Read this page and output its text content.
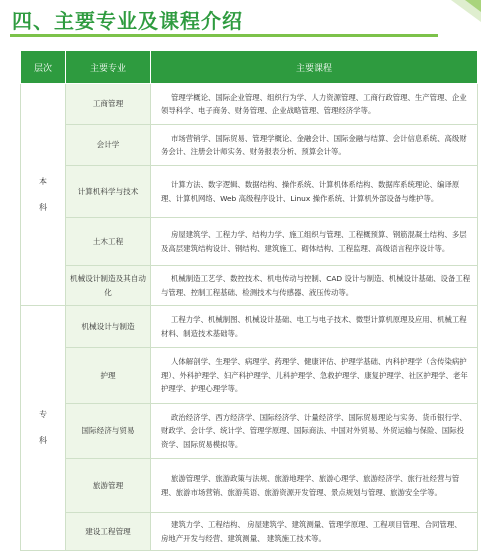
四、主要专业及课程介绍
层次	主要专业	主要课程

本
科	工商管理	管理学概论、国际企业管理、组织行为学、人力资源管理、工商行政管理、生产管理、企业领导科学、电子商务、财务管理、企业战略管理、管理经济学等。
	会计学	市场营销学、国际贸易、管理学概论、金融会计、国际金融与结算、会计信息系统、高级财务会计、注册会计师实务、财务报表分析、预算会计等。
	计算机科学与技术	计算方法、数字逻辑、数据结构、操作系统、计算机体系结构、数据库系统理论、编译原理、计算机网络、Web 高级程序设计、Linux 操作系统、计算机外部设备与维护等。
	土木工程	房屋建筑学、工程力学、结构力学、施工组织与管理、工程概预算、钢筋混凝土结构、多层及高层建筑结构设计、钢结构、建筑施工、砌体结构、工程监理、高级语言程序设计等。
	机械设计制造及其自动化	机械制造工艺学、数控技术、机电传动与控制、CAD 设计与制造、机械设计基础、设备工程与管理、控制工程基础、检测技术与传感器、液压传动等。

专
科	机械设计与制造	工程力学、机械制图、机械设计基础、电工与电子技术、微型计算机原理及应用、机械工程材料、制造技术基础等。
	护理	人体解剖学、生理学、病理学、药理学、健康评估、护理学基础、内科护理学（含传染病护理）、外科护理学、妇产科护理学、儿科护理学、急救护理学、康复护理学、社区护理学、老年护理学、护理心理学等。
	国际经济与贸易	政治经济学、西方经济学、国际经济学、计量经济学、国际贸易理论与实务、货币银行学、财政学、会计学、统计学、管理学原理、国际商法、中国对外贸易、外贸运输与保险、国际投资学、国际贸易模拟等。
	旅游管理	旅游管理学、旅游政策与法规、旅游地理学、旅游心理学、旅游经济学、旅行社经营与管理、旅游市场营销、旅游英语、旅游资源开发管理、景点规划与管理、旅游安全学等。
	建设工程管理	建筑力学、工程结构、 房屋建筑学、建筑测量、管理学原理、工程项目管理、合同管理、 房地产开发与经营、建筑测量、 建筑施工技术等。
